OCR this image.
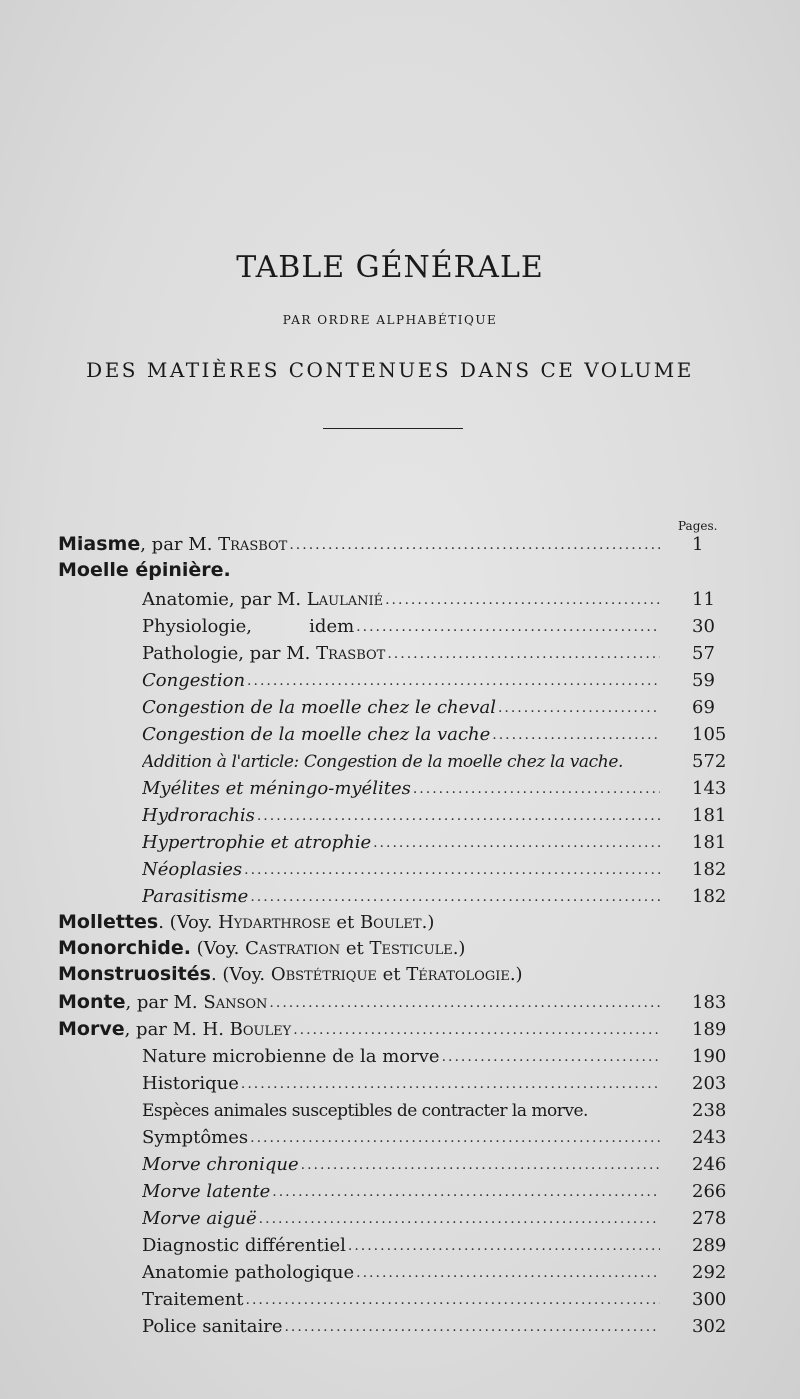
TABLE GÉNÉRALE
PAR ORDRE ALPHABÉTIQUE
DES MATIÈRES CONTENUES DANS CE VOLUME
Pages.
Miasme, par M. Trasbot .....	1
Moelle épinière.
Anatomie, par M. Laulanié .....	11
Physiologie,          idem .....	30
Pathologie, par M. Trasbot .....	57
Congestion .....	59
Congestion de la moelle chez le cheval .....	69
Congestion de la moelle chez la vache .....	105
Addition à l'article: Congestion de la moelle chez la vache.	572
Myélites et méningo-myélites .....	143
Hydrorachis .....	181
Hypertrophie et atrophie .....	181
Néoplasies .....	182
Parasitisme .....	182
Mollettes. (Voy. Hydarthrose et Boulet.)
Monorchide. (Voy. Castration et Testicule.)
Monstruosités. (Voy. Obstétrique et Tératologie.)
Monte, par M. Sanson .....	183
Morve, par M. H. Bouley .....	189
Nature microbienne de la morve .....	190
Historique .....	203
Espèces animales susceptibles de contracter la morve.	238
Symptômes .....	243
Morve chronique .....	246
Morve latente .....	266
Morve aiguë .....	278
Diagnostic différentiel .....	289
Anatomie pathologique .....	292
Traitement .....	300
Police sanitaire .....	302
